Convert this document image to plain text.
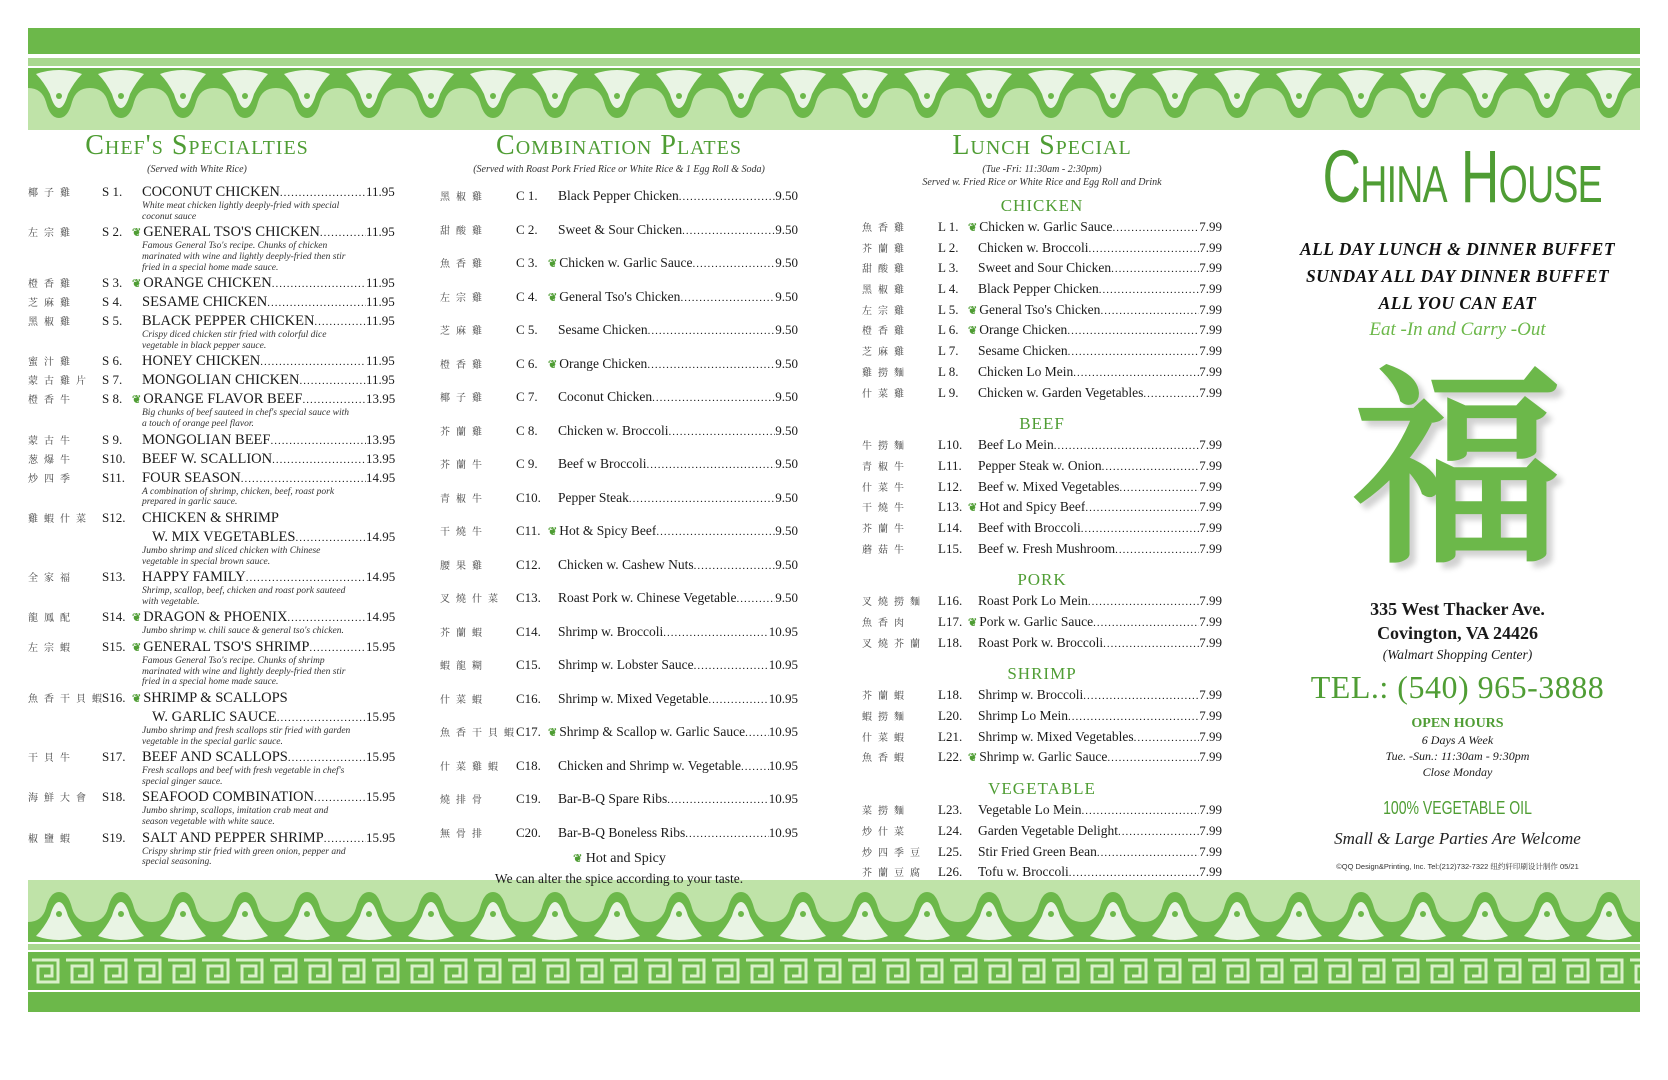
Chef's Specialties
(Served with White Rice)
椰子雞	S 1.	COCONUT CHICKEN .....	11.95
White meat chicken lightly deeply-fried with special coconut sauce
左宗雞	S 2. ❦ GENERAL TSO'S CHICKEN .....	11.95
Famous General Tso's recipe. Chunks of chicken marinated with wine and lightly deeply-fried then stir fried in a special home made sauce.
橙香雞	S 3. ❦ ORANGE CHICKEN .....	11.95
芝麻雞	S 4.	SESAME CHICKEN .....	11.95
黑椒雞	S 5.	BLACK PEPPER CHICKEN .....	11.95
Crispy diced chicken stir fried with colorful dice vegetable in black pepper sauce.
蜜汁雞	S 6.	HONEY CHICKEN .....	11.95
蒙古雞片 S 7.	MONGOLIAN CHICKEN .....	11.95
橙香牛	S 8. ❦ ORANGE FLAVOR BEEF .....	13.95
Big chunks of beef sauteed in chef's special sauce with a touch of orange peel flavor.
蒙古牛	S 9.	MONGOLIAN BEEF .....	13.95
葱爆牛	S10.	BEEF W. SCALLION .....	13.95
炒四季	S11.	FOUR SEASON .....	14.95
A combination of shrimp, chicken, beef, roast pork prepared in garlic sauce.
雞蝦什菜 S12.	CHICKEN & SHRIMP
W. MIX VEGETABLES .....	14.95
Jumbo shrimp and sliced chicken with Chinese vegetable in special brown sauce.
全家福	S13.	HAPPY FAMILY .....	14.95
Shrimp, scallop, beef, chicken and roast pork sauteed with vegetable.
龍鳳配	S14. ❦ DRAGON & PHOENIX .....	14.95
Jumbo shrimp w. chili sauce & general tso's chicken.
左宗蝦	S15. ❦ GENERAL TSO'S SHRIMP .....	15.95
Famous General Tso's recipe. Chunks of shrimp marinated with wine and lightly deeply-fried then stir fried in a special home made sauce.
魚香干貝蝦
S16. ❦ SHRIMP & SCALLOPS
W. GARLIC SAUCE .....	15.95
Jumbo shrimp and fresh scallops stir fried with garden vegetable in the special garlic sauce.
干貝牛	S17.	BEEF AND SCALLOPS .....	15.95
Fresh scallops and beef with fresh vegetable in chef's special ginger sauce.
海鮮大會 S18.	SEAFOOD COMBINATION .....	15.95
Jumbo shrimp, scallops, imitation crab meat and season vegetable with white sauce.
椒鹽蝦	S19.	SALT AND PEPPER SHRIMP .....	15.95
Crispy shrimp stir fried with green onion, pepper and special seasoning.
Combination Plates
(Served with Roast Pork Fried Rice or White Rice & 1 Egg Roll & Soda)
黑椒雞	C 1.	Black Pepper Chicken .....	9.50
甜酸雞	C 2.	Sweet & Sour Chicken .....	9.50
魚香雞	C 3. ❦ Chicken w. Garlic Sauce .....	9.50
左宗雞	C 4. ❦ General Tso's Chicken .....	9.50
芝麻雞	C 5.	Sesame Chicken .....	9.50
橙香雞	C 6. ❦ Orange Chicken .....	9.50
椰子雞	C 7.	Coconut Chicken .....	9.50
芥蘭雞	C 8.	Chicken w. Broccoli .....	9.50
芥蘭牛	C 9.	Beef w Broccoli .....	9.50
青椒牛	C10.	Pepper Steak .....	9.50
干燒牛	C11. ❦ Hot & Spicy Beef .....	9.50
腰果雞	C12.	Chicken w. Cashew Nuts .....	9.50
叉燒什菜 C13.	Roast Pork w. Chinese Vegetable .....	9.50
芥蘭蝦	C14.	Shrimp w. Broccoli .....	10.95
蝦龍糊	C15.	Shrimp w. Lobster Sauce .....	10.95
什菜蝦	C16.	Shrimp w. Mixed Vegetable .....	10.95
魚香干貝蝦
C17. ❦ Shrimp & Scallop w. Garlic Sauce ..... 10.95
什菜雞蝦 C18.	Chicken and Shrimp w. Vegetable ..... 10.95
燒排骨	C19.	Bar-B-Q Spare Ribs .....	10.95
無骨排	C20.	Bar-B-Q Boneless Ribs .....	10.95
❦ Hot and Spicy
We can alter the spice according to your taste.
Lunch Special
(Tue -Fri: 11:30am - 2:30pm)
Served w. Fried Rice or White Rice and Egg Roll and Drink
CHICKEN
魚香雞	L 1. ❦ Chicken w. Garlic Sauce .....	7.99
芥蘭雞	L 2.	Chicken w. Broccoli .....	7.99
甜酸雞	L 3.	Sweet and Sour Chicken .....	7.99
黑椒雞	L 4.	Black Pepper Chicken .....	7.99
左宗雞	L 5. ❦ General Tso's Chicken .....	7.99
橙香雞	L 6. ❦ Orange Chicken .....	7.99
芝麻雞	L 7.	Sesame Chicken .....	7.99
雞撈麵	L 8.	Chicken Lo Mein .....	7.99
什菜雞	L 9.	Chicken w. Garden Vegetables .....	7.99
BEEF
牛撈麵	L10.	Beef Lo Mein .....	7.99
青椒牛	L11.	Pepper Steak w. Onion .....	7.99
什菜牛	L12.	Beef w. Mixed Vegetables .....	7.99
干燒牛	L13. ❦ Hot and Spicy Beef .....	7.99
芥蘭牛	L14.	Beef with Broccoli .....	7.99
蘑菇牛	L15.	Beef w. Fresh Mushroom .....	7.99
PORK
叉燒撈麵 L16.	Roast Pork Lo Mein .....	7.99
魚香肉	L17. ❦ Pork w. Garlic Sauce .....	7.99
叉燒芥蘭 L18.	Roast Pork w. Broccoli .....	7.99
SHRIMP
芥蘭蝦	L18.	Shrimp w. Broccoli .....	7.99
蝦撈麵	L20.	Shrimp Lo Mein .....	7.99
什菜蝦	L21.	Shrimp w. Mixed Vegetables .....	7.99
魚香蝦	L22. ❦ Shrimp w. Garlic Sauce .....	7.99
VEGETABLE
菜撈麵	L23.	Vegetable Lo Mein .....	7.99
炒什菜	L24.	Garden Vegetable Delight .....	7.99
炒四季豆 L25.	Stir Fried Green Bean .....	7.99
芥蘭豆腐 L26.	Tofu w. Broccoli .....	7.99
China House
ALL DAY LUNCH & DINNER BUFFET
SUNDAY ALL DAY DINNER BUFFET
ALL YOU CAN EAT
Eat -In and Carry -Out
福
335 West Thacker Ave.
Covington, VA 24426
(Walmart Shopping Center)
TEL.: (540) 965-3888
OPEN HOURS
6 Days A Week
Tue. -Sun.: 11:30am - 9:30pm
Close Monday
100% VEGETABLE OIL
Small & Large Parties Are Welcome
©QQ Design&Printing, Inc. Tel:(212)732-7322 纽约轩印刷设计制作 05/21
